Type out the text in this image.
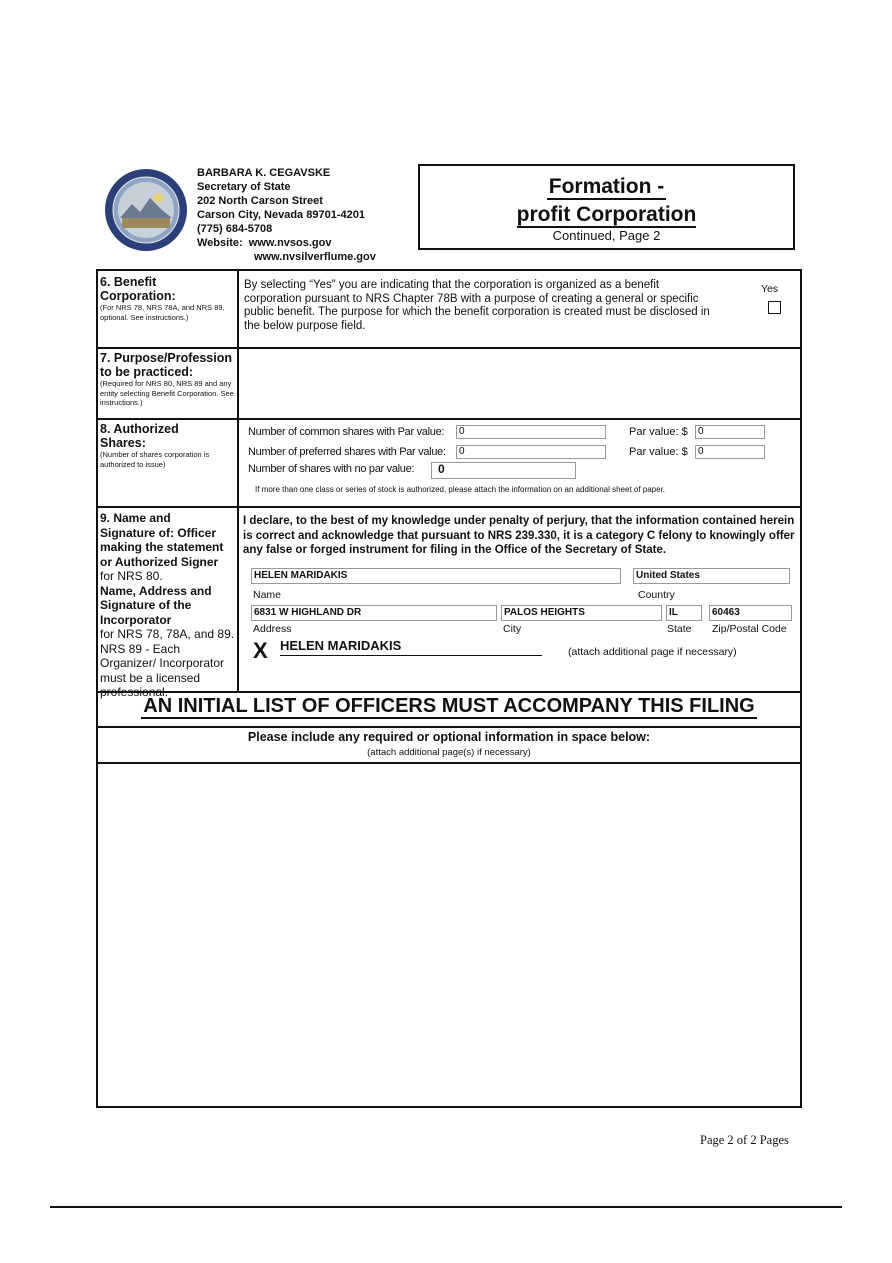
BARBARA K. CEGAVSKE
Secretary of State
202 North Carson Street
Carson City, Nevada 89701-4201
(775) 684-5708
Website: www.nvsos.gov
www.nvsilverflume.gov
Formation -
profit Corporation
Continued, Page 2
6. Benefit
Corporation:
(For NRS 78, NRS 78A, and NRS 89, optional. See instructions.)
By selecting “Yes” you are indicating that the corporation is organized as a benefit corporation pursuant to NRS Chapter 78B with a purpose of creating a general or specific public benefit. The purpose for which the benefit corporation is created must be disclosed in the below purpose field.
Yes
7. Purpose/Profession
to be practiced:
(Required for NRS 80, NRS 89 and any entity selecting Benefit Corporation. See instructions.)
8. Authorized
Shares:
(Number of shares corporation is authorized to issue)
Number of common shares with Par value:	0	Par value: $	0
Number of preferred shares with Par value:	0	Par value: $	0
Number of shares with no par value:	0
If more than one class or series of stock is authorized, please attach the information on an additional sheet of paper.
9. Name and
Signature of: Officer making the statement or Authorized Signer
for NRS 80.
Name, Address and Signature of the Incorporator
for NRS 78, 78A, and 89. NRS 89 - Each Organizer/ Incorporator must be a licensed professional.
I declare, to the best of my knowledge under penalty of perjury, that the information contained herein is correct and acknowledge that pursuant to NRS 239.330, it is a category C felony to knowingly offer any false or forged instrument for filing in the Office of the Secretary of State.
HELEN MARIDAKIS	United States
Name	Country
6831 W HIGHLAND DR	PALOS HEIGHTS	IL	60463
Address	City	State Zip/Postal Code
X HELEN MARIDAKIS	(attach additional page if necessary)
AN INITIAL LIST OF OFFICERS MUST ACCOMPANY THIS FILING
Please include any required or optional information in space below:
(attach additional page(s) if necessary)
Page 2 of 2 Pages
